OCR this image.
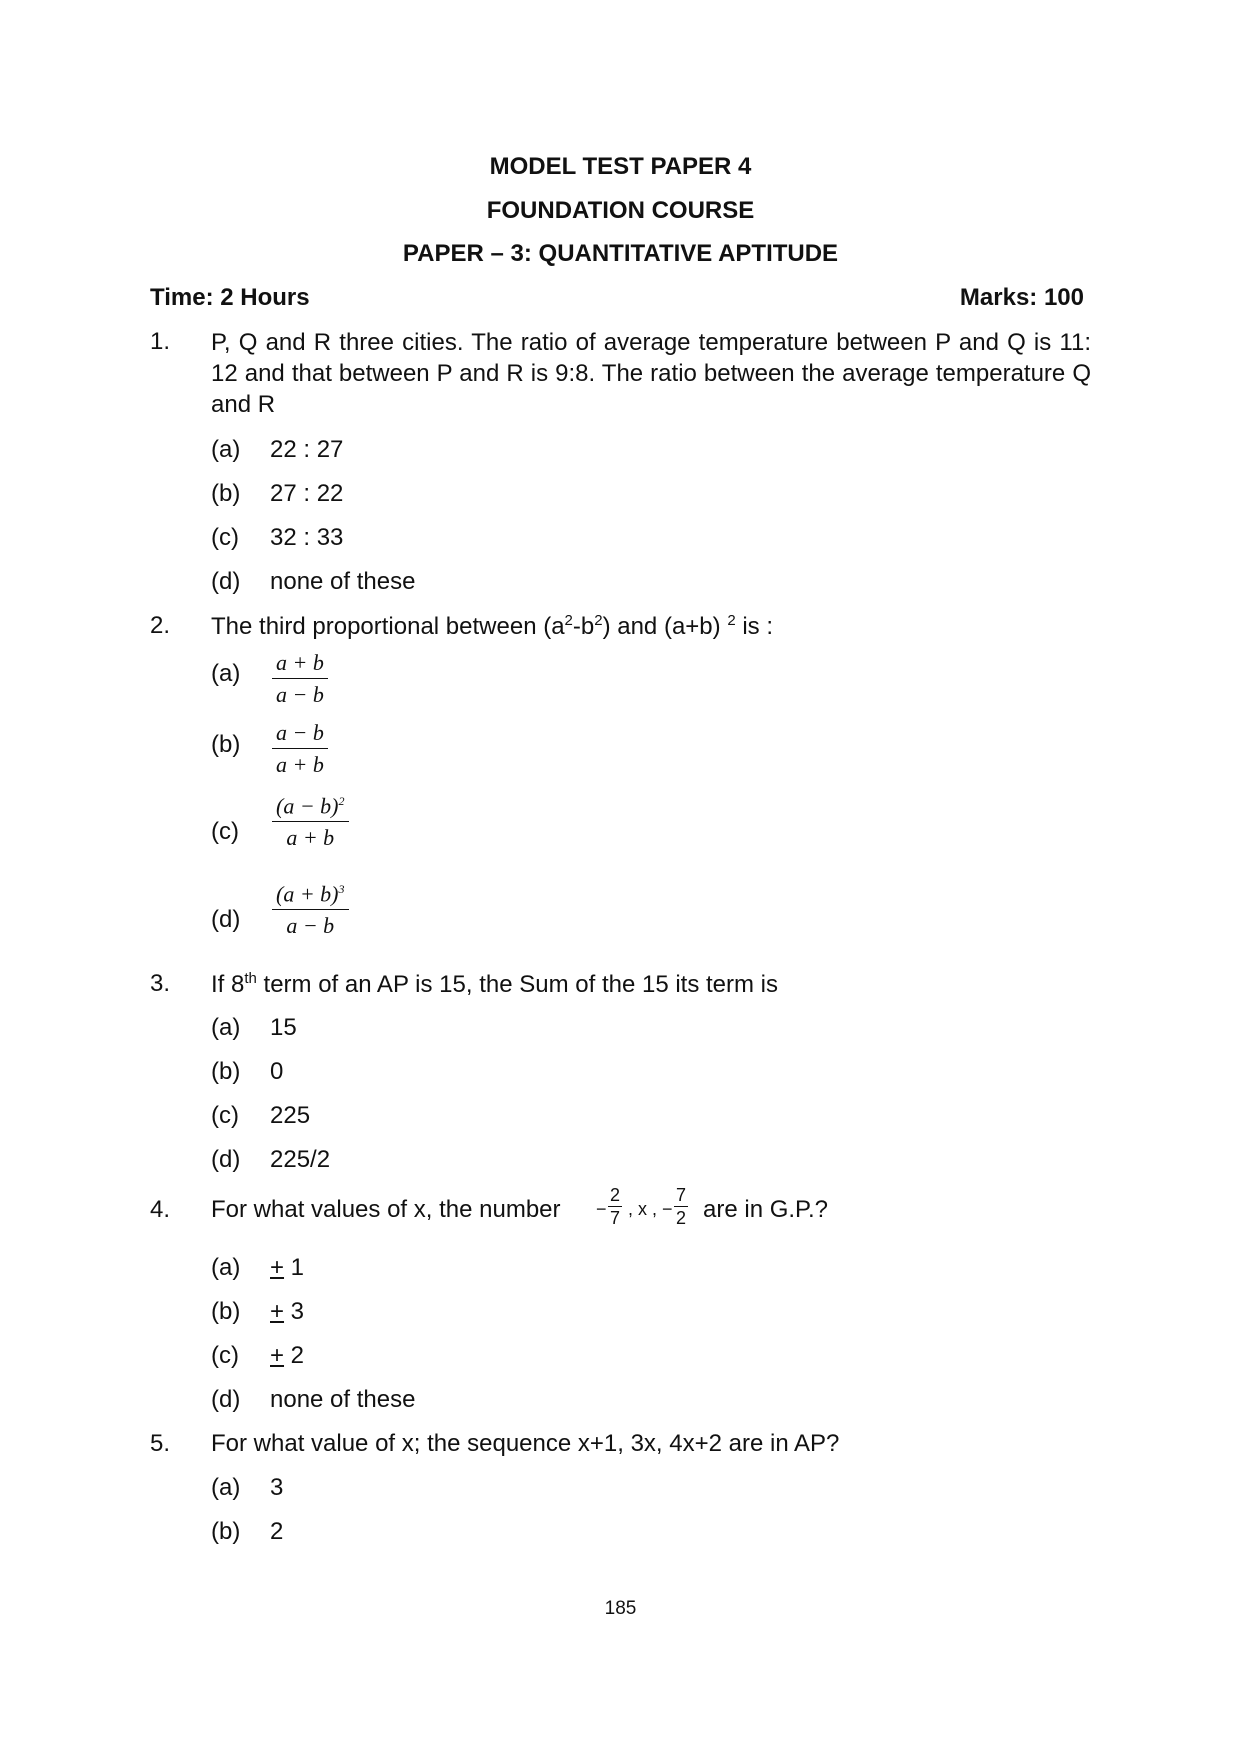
MODEL TEST PAPER 4
FOUNDATION COURSE
PAPER – 3: QUANTITATIVE APTITUDE
Time: 2 Hours	Marks: 100
1. P, Q and R three cities. The ratio of average temperature between P and Q is 11: 12 and that between P and R is 9:8. The ratio between the average temperature Q and R
(a) 22 : 27
(b) 27 : 22
(c) 32 : 33
(d) none of these
2. The third proportional between $(a^2-b^2)$ and (a+b) $^2$ is :
$(a) \frac{a + b}{a - b}$
$(b) \frac{a - b}{a + b}$
$(c) \frac{(a - b)^2}{a + b}$
$(d) \frac{(a + b)^3}{a - b}$
3. If 8th term of an AP is 15, the Sum of the 15 its term is
(a) 15
(b) 0
(c) 225
(d) 225/2
4. For what values of x, the number − $\frac{2}{7}$ , x , − $\frac{7}{2}$ are in G.P.?
(a) + 1
(b) + 3
(c) + 2
(d) none of these
5. For what value of x; the sequence x+1, 3x, 4x+2 are in AP?
(a) 3
(b) 2
185
